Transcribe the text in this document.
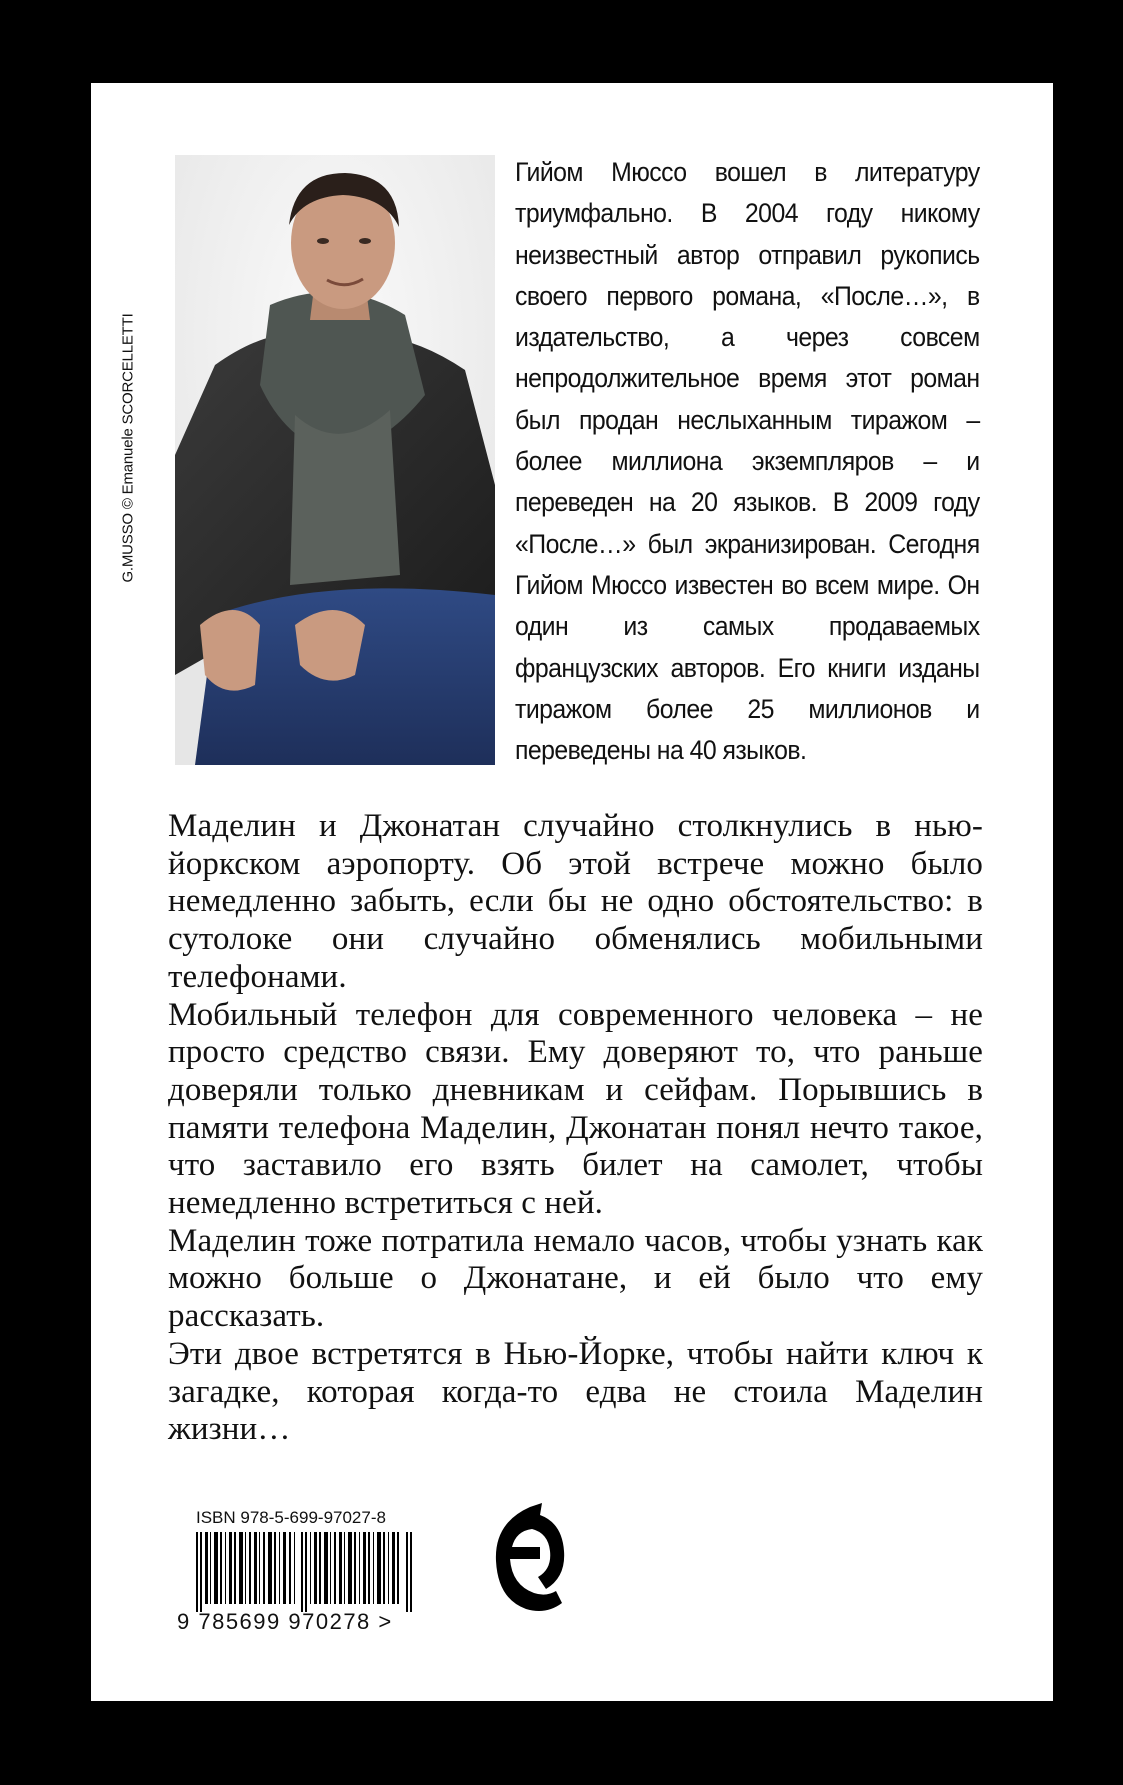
G.MUSSO © Emanuele SCORCELLETTI
Гийом Мюссо вошел в литературу триумфально. В 2004 году никому неизвестный автор отправил рукопись своего первого романа, «После…», в издательство, а через совсем непродолжительное время этот роман был продан неслыханным тиражом – более миллиона экземпляров – и переведен на 20 языков. В 2009 году «После…» был экранизирован. Сегодня Гийом Мюссо известен во всем мире. Он один из самых продаваемых французских авторов. Его книги изданы тиражом более 25 миллионов и переведены на 40 языков.

Маделин и Джонатан случайно столкнулись в нью-йоркском аэропорту. Об этой встрече можно было немедленно забыть, если бы не одно обстоятельство: в сутолоке они случайно обменялись мобильными телефонами.

Мобильный телефон для современного человека – не просто средство связи. Ему доверяют то, что раньше доверяли только дневникам и сейфам. Порывшись в памяти телефона Маделин, Джонатан понял нечто такое, что заставило его взять билет на самолет, чтобы немедленно встретиться с ней.

Маделин тоже потратила немало часов, чтобы узнать как можно больше о Джонатане, и ей было что ему рассказать.

Эти двое встретятся в Нью-Йорке, чтобы найти ключ к загадке, которая когда-то едва не стоила Маделин жизни…

ISBN 978-5-699-97027-8
9 785699 970278 >
